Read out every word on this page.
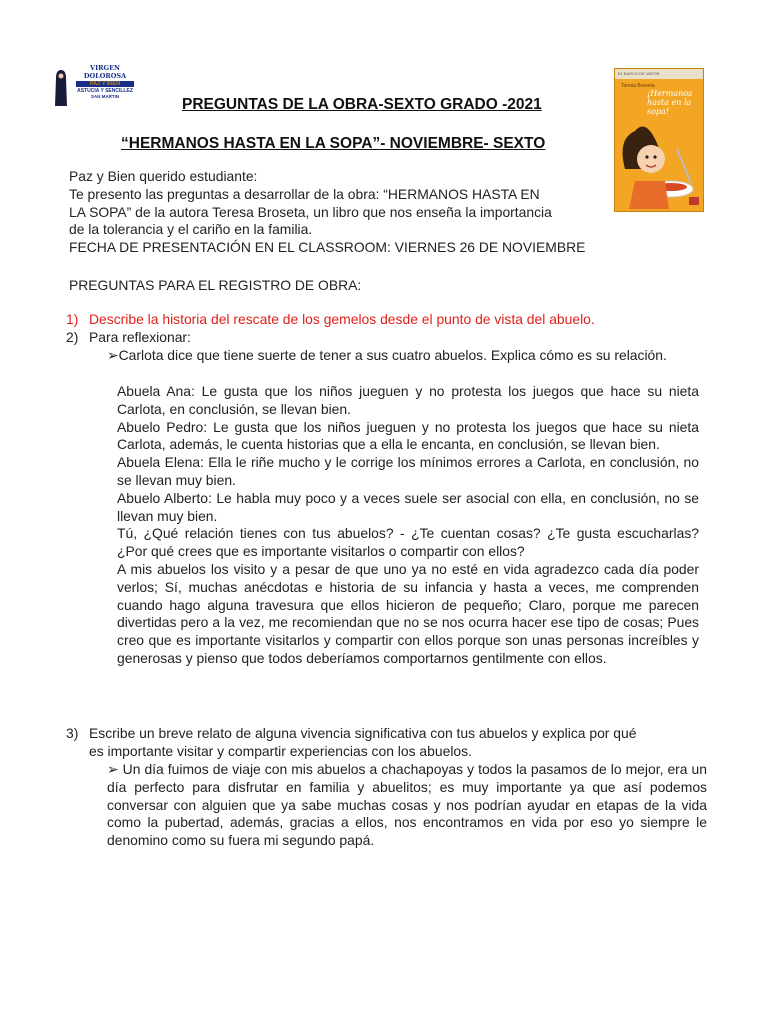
VIRGEN DOLOROSA
PAZ Y BIEN
ASTUCIA Y SENCILLEZ
SAN MARTIN
EL BARCO DE VAPOR
Teresa Broseta
¡Hermanos hasta en la sopa!
PREGUNTAS DE LA OBRA-SEXTO GRADO -2021
“HERMANOS HASTA EN LA SOPA”- NOVIEMBRE- SEXTO
Paz y Bien querido estudiante:
Te presento las preguntas a desarrollar de la obra: “HERMANOS HASTA EN
LA SOPA” de la autora Teresa Broseta, un libro que nos enseña la importancia
de la tolerancia y el cariño en la familia.
FECHA DE PRESENTACIÓN EN EL CLASSROOM: VIERNES 26 DE NOVIEMBRE
PREGUNTAS PARA EL REGISTRO DE OBRA:
1) Describe la historia del rescate de los gemelos desde el punto de vista del abuelo.
2) Para reflexionar:
➢Carlota dice que tiene suerte de tener a sus cuatro abuelos. Explica cómo es su relación.
Abuela Ana: Le gusta que los niños jueguen y no protesta los juegos que hace su nieta Carlota, en conclusión, se llevan bien.
Abuelo Pedro: Le gusta que los niños jueguen y no protesta los juegos que hace su nieta Carlota, además, le cuenta historias que a ella le encanta, en conclusión, se llevan bien.
Abuela Elena: Ella le riñe mucho y le corrige los mínimos errores a Carlota, en conclusión, no se llevan muy bien.
Abuelo Alberto: Le habla muy poco y a veces suele ser asocial con ella, en conclusión, no se llevan muy bien.
Tú, ¿Qué relación tienes con tus abuelos? - ¿Te cuentan cosas? ¿Te gusta escucharlas? ¿Por qué crees que es importante visitarlos o compartir con ellos?
A mis abuelos los visito y a pesar de que uno ya no esté en vida agradezco cada día poder verlos; Sí, muchas anécdotas e historia de su infancia y hasta a veces, me comprenden cuando hago alguna travesura que ellos hicieron de pequeño; Claro, porque me parecen divertidas pero a la vez, me recomiendan que no se nos ocurra hacer ese tipo de cosas; Pues creo que es importante visitarlos y compartir con ellos porque son unas personas increíbles y generosas y pienso que todos deberíamos comportarnos gentilmente con ellos.
3) Escribe un breve relato de alguna vivencia significativa con tus abuelos y explica por qué
es importante visitar y compartir experiencias con los abuelos.
➢ Un día fuimos de viaje con mis abuelos a chachapoyas y todos la pasamos de lo mejor, era un día perfecto para disfrutar en familia y abuelitos; es muy importante ya que así podemos conversar con alguien que ya sabe muchas cosas y nos podrían ayudar en etapas de la vida como la pubertad, además, gracias a ellos, nos encontramos en vida por eso yo siempre le denomino como su fuera mi segundo papá.
